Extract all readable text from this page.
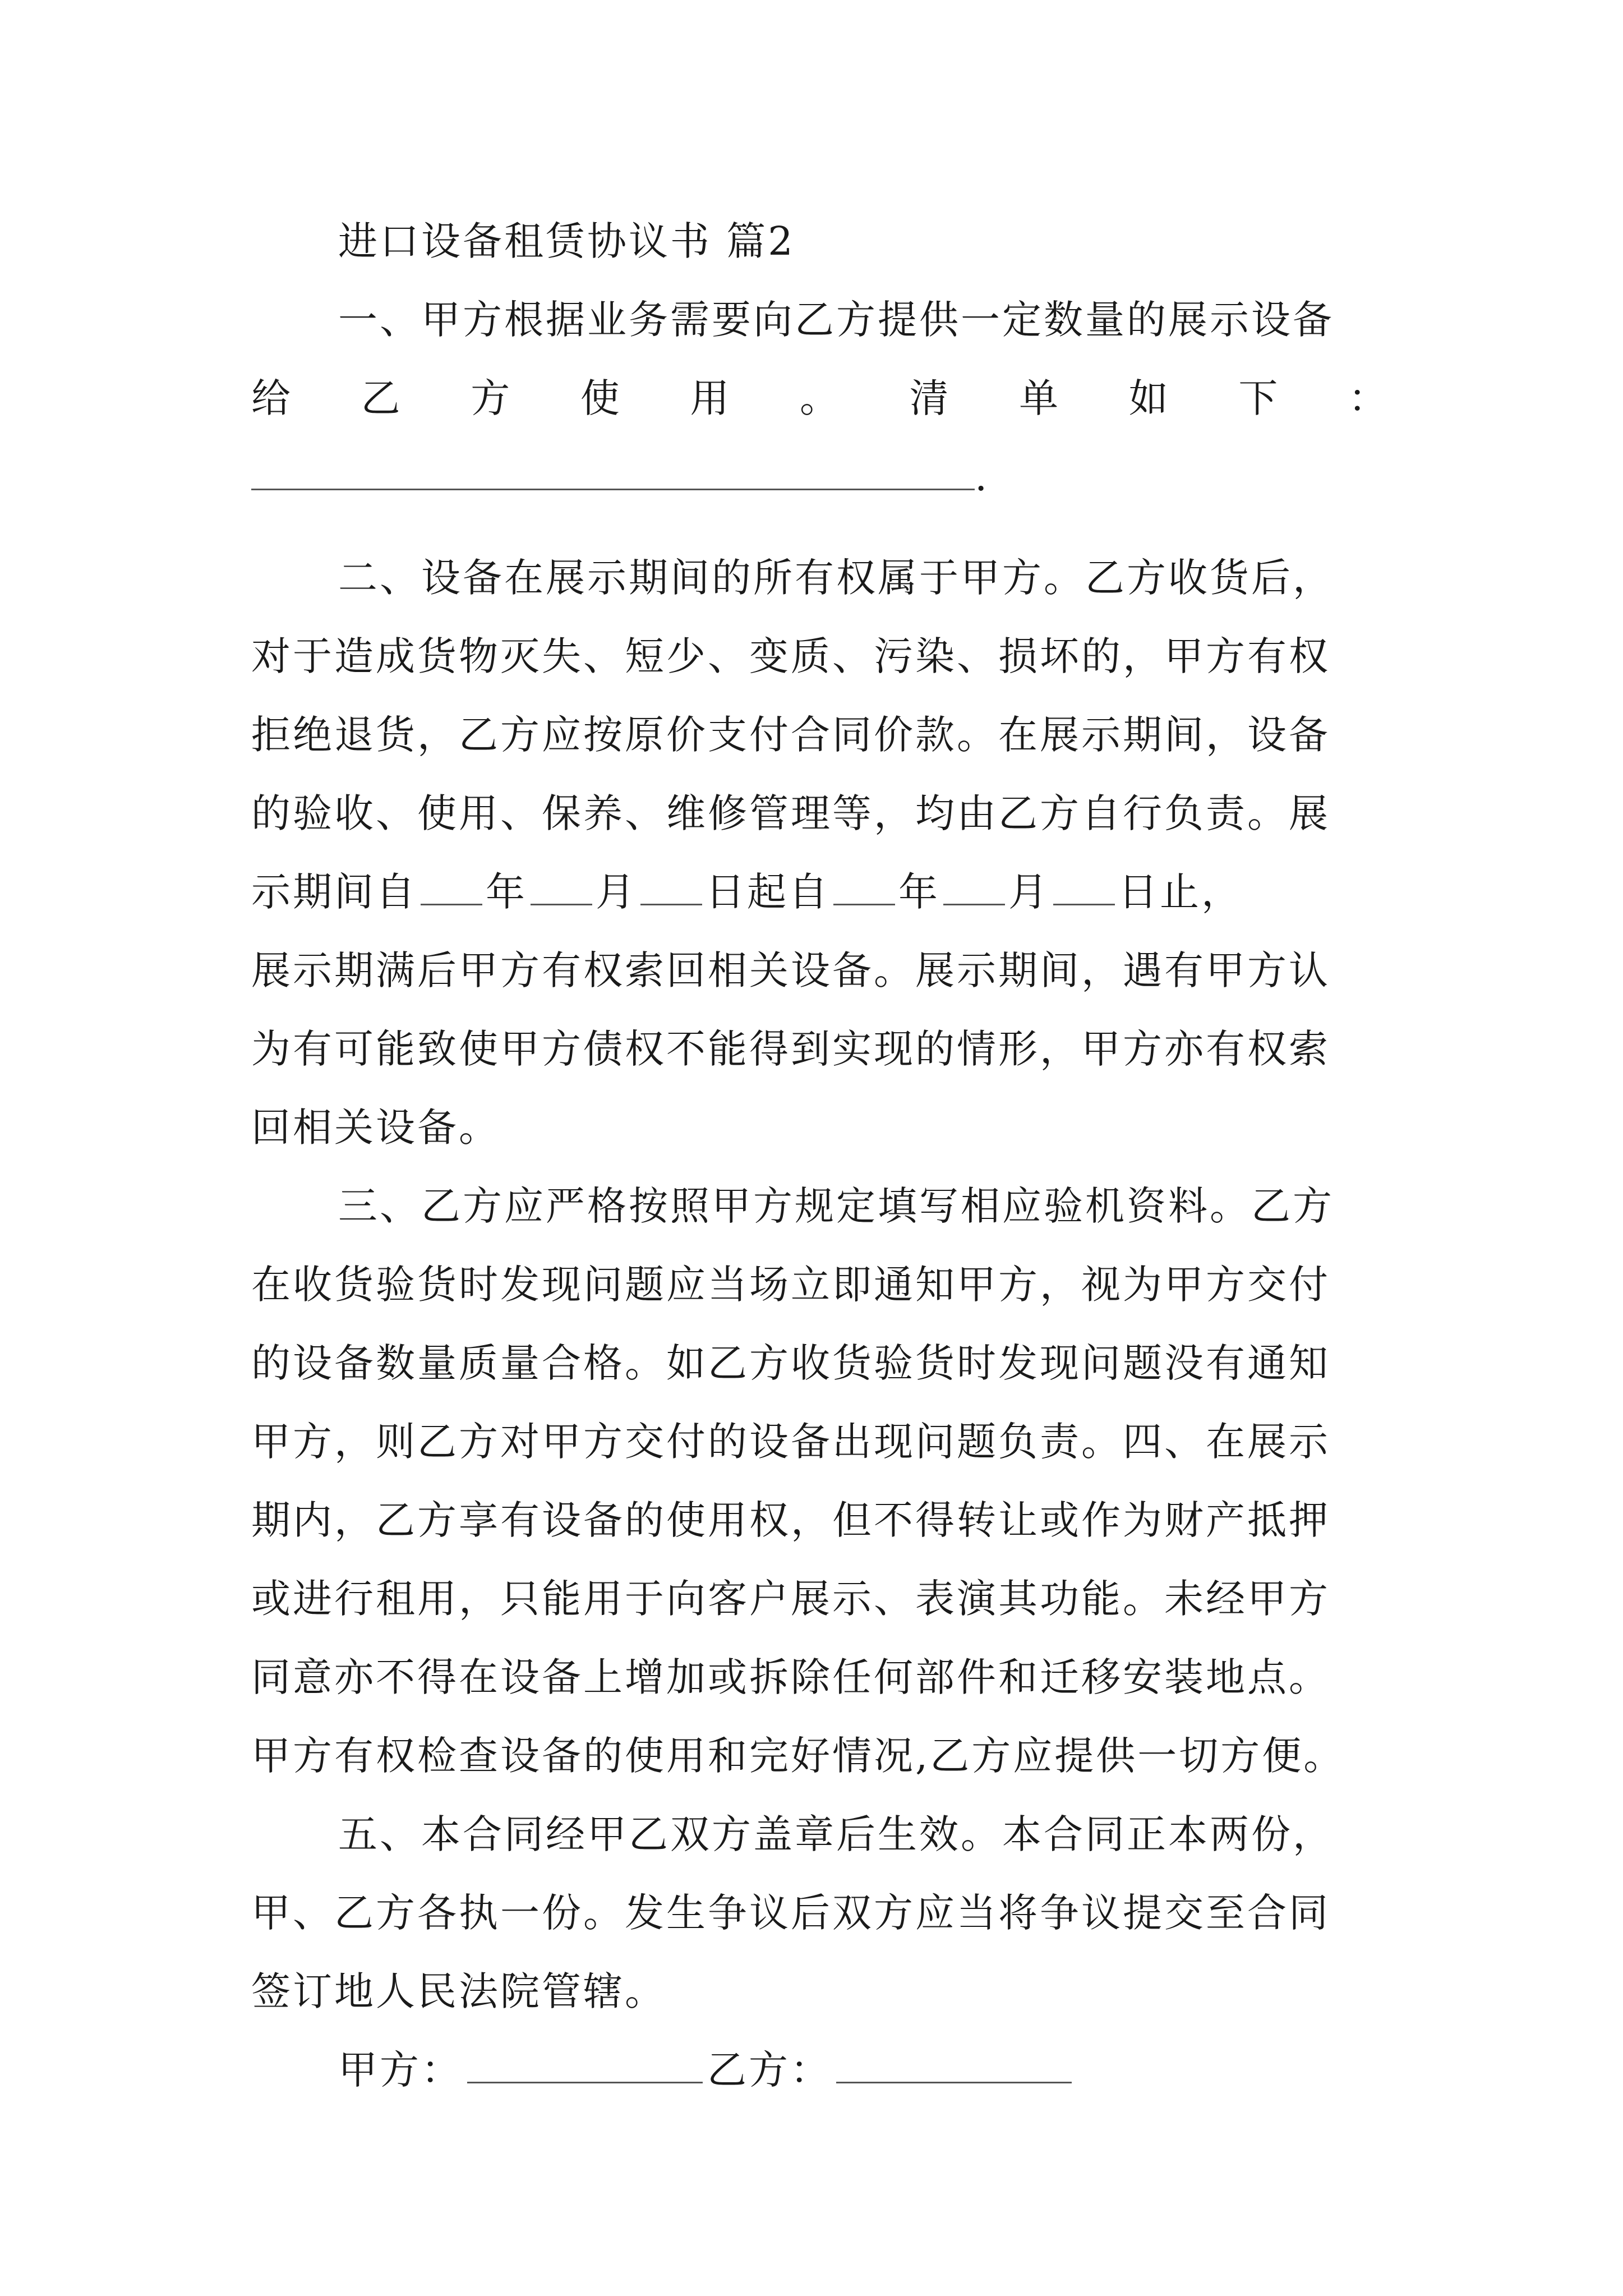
进口设备租赁协议书 篇2
一、甲方根据业务需要向乙方提供一定数量的展示设备
给 乙 方 使 用 。 清 单 如 下 ：
.
二、设备在展示期间的所有权属于甲方。乙方收货后，
对于造成货物灭失、短少、变质、污染、损坏的，甲方有权
拒绝退货，乙方应按原价支付合同价款。在展示期间，设备
的验收、使用、保养、维修管理等，均由乙方自行负责。展
示期间自 年 月 日起自 年 月 日止，
展示期满后甲方有权索回相关设备。展示期间，遇有甲方认
为有可能致使甲方债权不能得到实现的情形，甲方亦有权索
回相关设备。
三、乙方应严格按照甲方规定填写相应验机资料。乙方
在收货验货时发现问题应当场立即通知甲方，视为甲方交付
的设备数量质量合格。如乙方收货验货时发现问题没有通知
甲方，则乙方对甲方交付的设备出现问题负责。四、在展示
期内，乙方享有设备的使用权，但不得转让或作为财产抵押
或进行租用，只能用于向客户展示、表演其功能。未经甲方
同意亦不得在设备上增加或拆除任何部件和迁移安装地点。
甲方有权检查设备的使用和完好情况,乙方应提供一切方便。
五、本合同经甲乙双方盖章后生效。本合同正本两份，
甲、乙方各执一份。发生争议后双方应当将争议提交至合同
签订地人民法院管辖。
甲方：	乙方：
